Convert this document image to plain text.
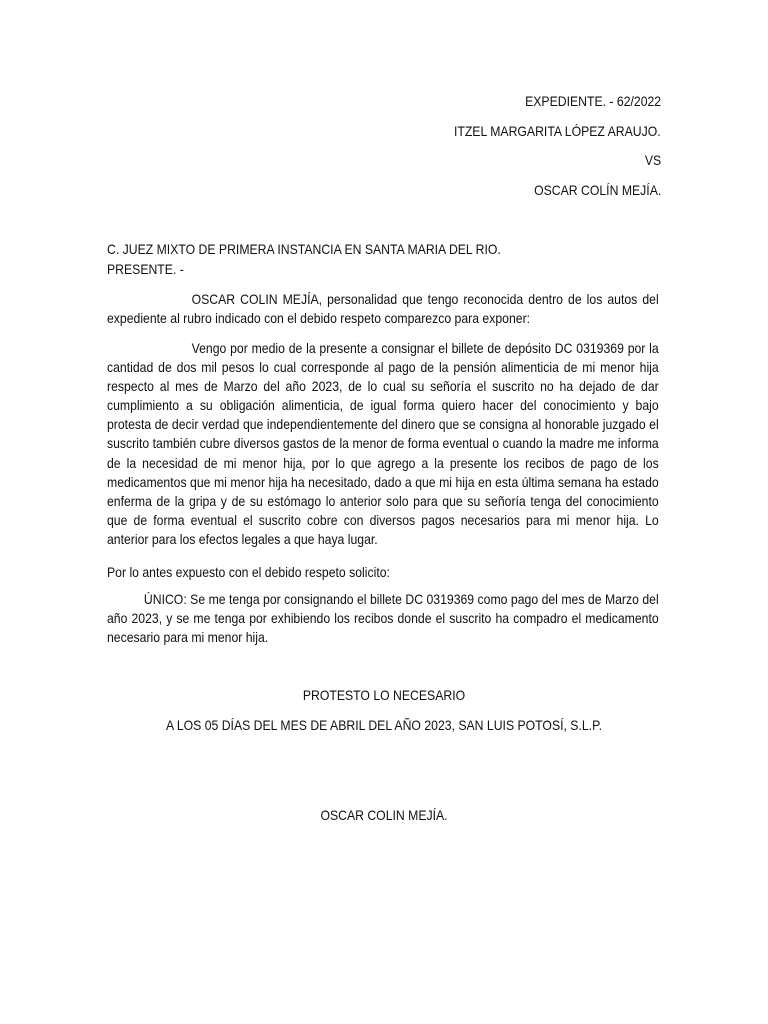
EXPEDIENTE. - 62/2022
ITZEL MARGARITA LÓPEZ ARAUJO.
VS
OSCAR COLÍN MEJÍA.
C. JUEZ MIXTO DE PRIMERA INSTANCIA EN SANTA MARIA DEL RIO.
PRESENTE. -
OSCAR COLIN MEJÍA, personalidad que tengo reconocida dentro de los autos del expediente al rubro indicado con el debido respeto comparezco para exponer:
Vengo por medio de la presente a consignar el billete de depósito DC 0319369 por la cantidad de dos mil pesos lo cual corresponde al pago de la pensión alimenticia de mi menor hija respecto al mes de Marzo del año 2023, de lo cual su señoría el suscrito no ha dejado de dar cumplimiento a su obligación alimenticia, de igual forma quiero hacer del conocimiento y bajo protesta de decir verdad que independientemente del dinero que se consigna al honorable juzgado el suscrito también cubre diversos gastos de la menor de forma eventual o cuando la madre me informa de la necesidad de mi menor hija, por lo que agrego a la presente los recibos de pago de los medicamentos que mi menor hija ha necesitado, dado a que mi hija en esta última semana ha estado enferma de la gripa y de su estómago lo anterior solo para que su señoría tenga del conocimiento que de forma eventual el suscrito cobre con diversos pagos necesarios para mi menor hija. Lo anterior para los efectos legales a que haya lugar.
Por lo antes expuesto con el debido respeto solicito:
ÚNICO: Se me tenga por consignando el billete DC 0319369 como pago del mes de Marzo del año 2023, y se me tenga por exhibiendo los recibos donde el suscrito ha compadro el medicamento necesario para mi menor hija.
PROTESTO LO NECESARIO
A LOS 05 DÍAS DEL MES DE ABRIL DEL AÑO 2023, SAN LUIS POTOSÍ, S.L.P.
OSCAR COLIN MEJÍA.
